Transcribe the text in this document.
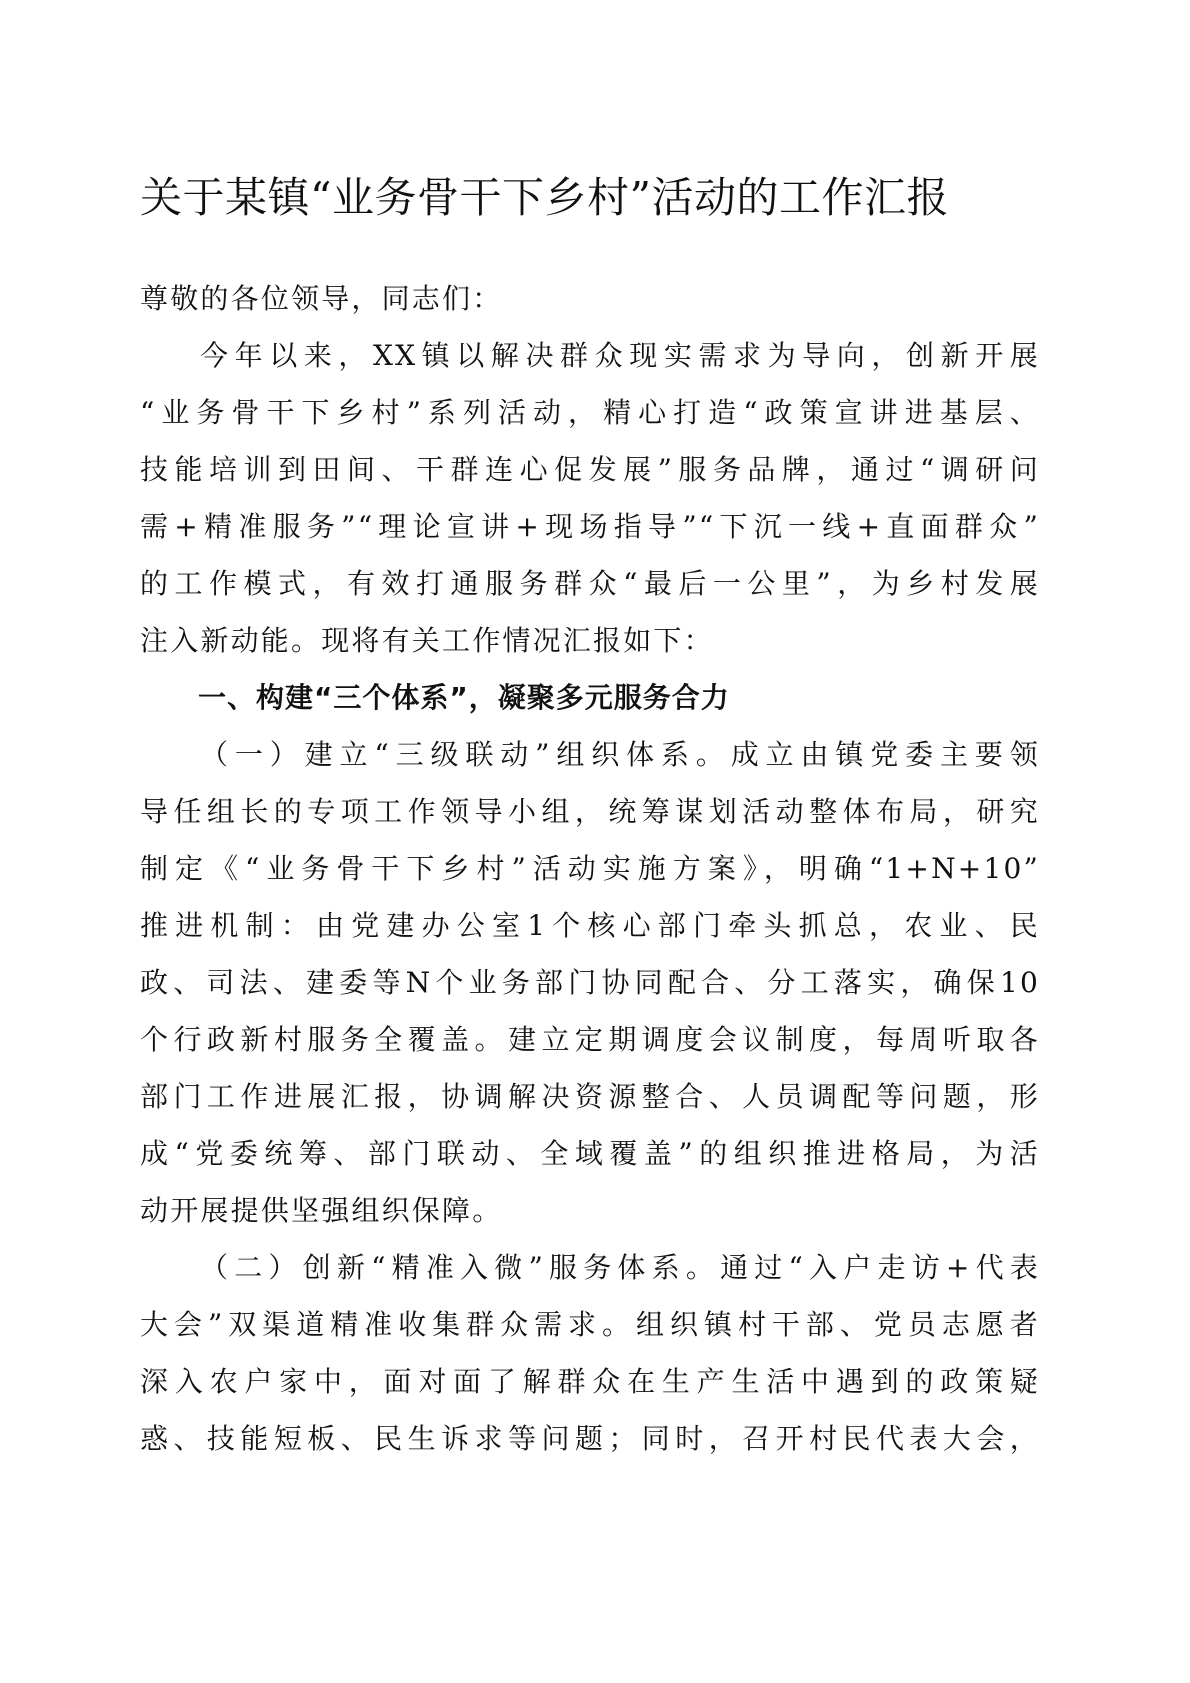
关于某镇“业务骨干下乡村”活动的工作汇报
尊敬的各位领导，同志们：
今年以来，XX镇以解决群众现实需求为导向，创新开展
“业务骨干下乡村”系列活动，精心打造“政策宣讲进基层、
技能培训到田间、干群连心促发展”服务品牌，通过“调研问
需+精准服务”“理论宣讲+现场指导”“下沉一线+直面群众”
的工作模式，有效打通服务群众“最后一公里”，为乡村发展
注入新动能。现将有关工作情况汇报如下：
一、构建“三个体系”，凝聚多元服务合力
（一）建立“三级联动”组织体系。成立由镇党委主要领
导任组长的专项工作领导小组，统筹谋划活动整体布局，研究
制定《“业务骨干下乡村”活动实施方案》，明确“1+N+10”
推进机制：由党建办公室1个核心部门牵头抓总，农业、民
政、司法、建委等N个业务部门协同配合、分工落实，确保10
个行政新村服务全覆盖。建立定期调度会议制度，每周听取各
部门工作进展汇报，协调解决资源整合、人员调配等问题，形
成“党委统筹、部门联动、全域覆盖”的组织推进格局，为活
动开展提供坚强组织保障。
（二）创新“精准入微”服务体系。通过“入户走访+代表
大会”双渠道精准收集群众需求。组织镇村干部、党员志愿者
深入农户家中，面对面了解群众在生产生活中遇到的政策疑
惑、技能短板、民生诉求等问题；同时，召开村民代表大会，
